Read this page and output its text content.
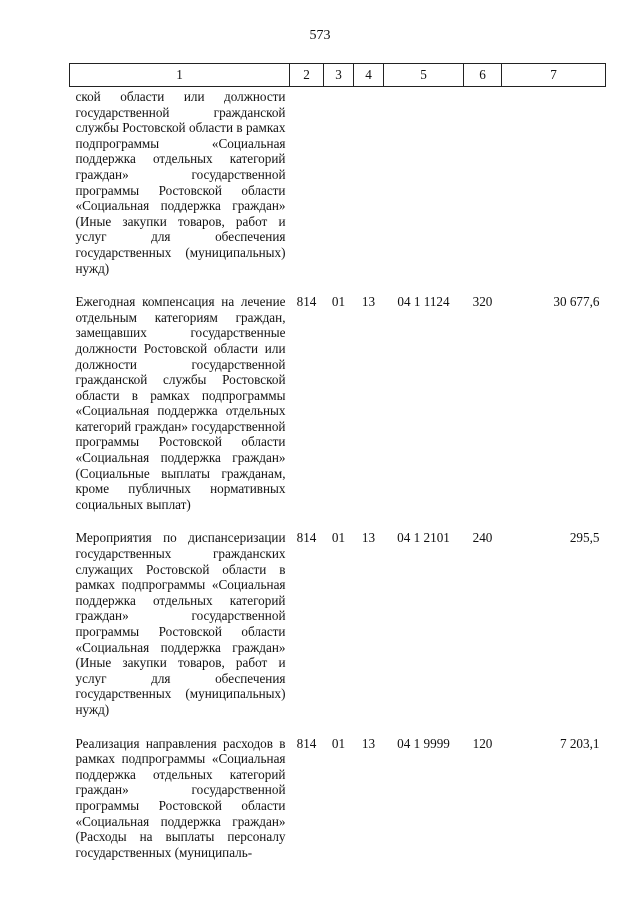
573
1	2	3	4	5	6	7
ской области или должности государственной гражданской службы Ростовской области в рамках подпрограммы «Социальная поддержка отдельных категорий граждан» государственной программы Ростовской области «Социальная поддержка граждан» (Иные закупки товаров, работ и услуг для обеспечения государственных (муниципальных) нужд)						
Ежегодная компенсация на лечение отдельным категориям граждан, замещавших государственные должности Ростовской области или должности государственной гражданской службы Ростовской области в рамках подпрограммы «Социальная поддержка отдельных категорий граждан» государственной программы Ростовской области «Социальная поддержка граждан» (Социальные выплаты гражданам, кроме публичных нормативных социальных выплат)	814	01	13	04 1 1124	320	30 677,6
Мероприятия по диспансеризации государственных гражданских служащих Ростовской области в рамках подпрограммы «Социальная поддержка отдельных категорий граждан» государственной программы Ростовской области «Социальная поддержка граждан» (Иные закупки товаров, работ и услуг для обеспечения государственных (муниципальных) нужд)	814	01	13	04 1 2101	240	295,5
Реализация направления расходов в рамках подпрограммы «Социальная поддержка отдельных категорий граждан» государственной программы Ростовской области «Социальная поддержка граждан» (Расходы на выплаты персоналу государственных (муниципаль-	814	01	13	04 1 9999	120	7 203,1
